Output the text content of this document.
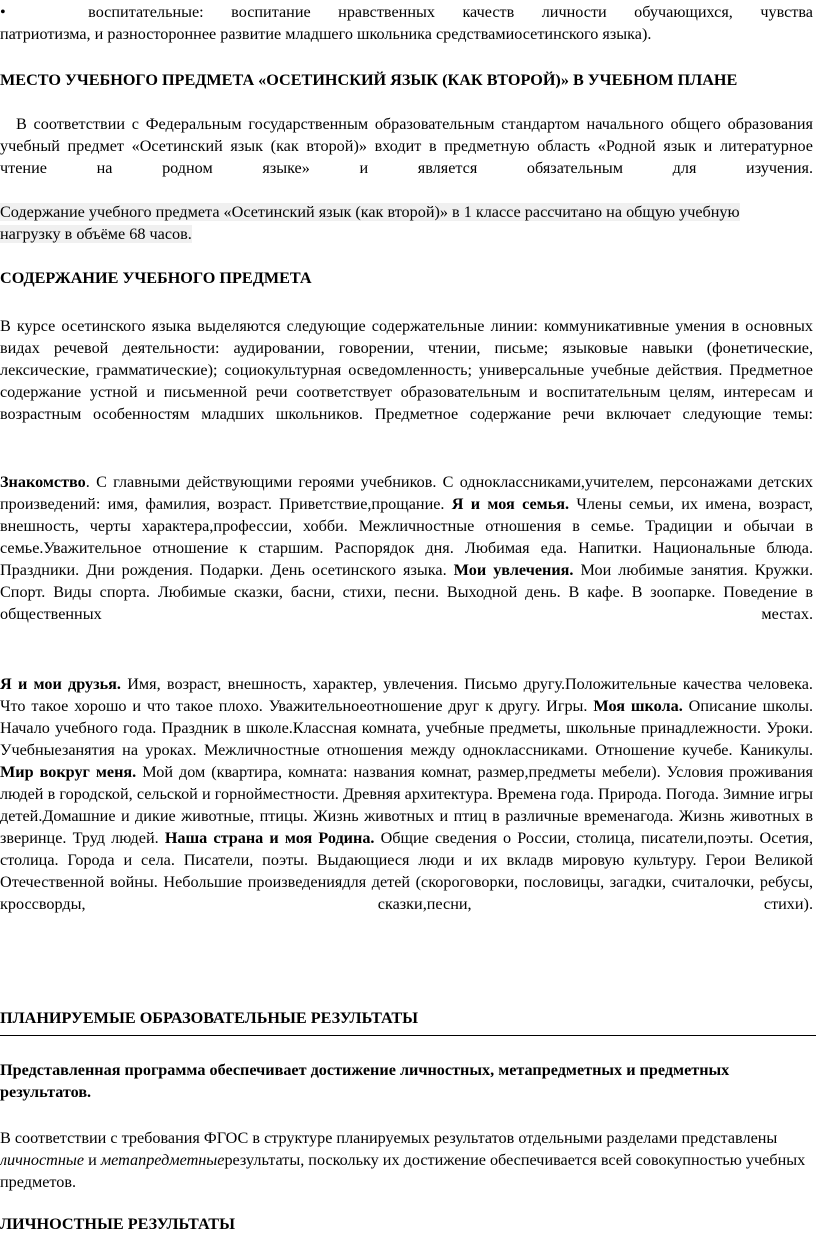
•	воспитательные: воспитание нравственных качеств личности обучающихся, чувства

патриотизма, и разностороннее развитие младшего школьника средствамиосетинского языка).

МЕСТО УЧЕБНОГО ПРЕДМЕТА «ОСЕТИНСКИЙ ЯЗЫК (КАК ВТОРОЙ)» В УЧЕБНОМ ПЛАНЕ

В соответствии с Федеральным государственным образовательным стандартом начального общего образования учебный предмет «Осетинский язык (как второй)» входит в предметную область «Родной язык и литературное чтение на родном языке» и является обязательным для изучения.

Содержание учебного предмета «Осетинский язык (как второй)» в 1 классе рассчитано на общую учебную нагрузку в объёме 68 часов.

СОДЕРЖАНИЕ УЧЕБНОГО ПРЕДМЕТА

В курсе осетинского языка выделяются следующие содержательные линии: коммуникативные умения в основных видах речевой деятельности: аудировании, говорении, чтении, письме; языковые навыки (фонетические, лексические, грамматические); социокультурная осведомленность; универсальные учебные действия. Предметное содержание устной и письменной речи соответствует образовательным и воспитательным целям, интересам и возрастным особенностям младших школьников. Предметное содержание речи включает следующие темы:

Знакомство. С главными действующими героями учебников. С одноклассниками,учителем, персонажами детских произведений: имя, фамилия, возраст. Приветствие,прощание. Я и моя семья. Члены семьи, их имена, возраст, внешность, черты характера,профессии, хобби. Межличностные отношения в семье. Традиции и обычаи в семье.Уважительное отношение к старшим. Распорядок дня. Любимая еда. Напитки. Национальные блюда. Праздники. Дни рождения. Подарки. День осетинского языка. Мои увлечения. Мои любимые занятия. Кружки. Спорт. Виды спорта. Любимые сказки, басни, стихи, песни. Выходной день. В кафе. В зоопарке. Поведение в общественных местах.

Я и мои друзья. Имя, возраст, внешность, характер, увлечения. Письмо другу.Положительные качества человека. Что такое хорошо и что такое плохо. Уважительноеотношение друг к другу. Игры. Моя школа. Описание школы. Начало учебного года. Праздник в школе.Классная комната, учебные предметы, школьные принадлежности. Уроки. Учебныезанятия на уроках. Межличностные отношения между одноклассниками. Отношение кучебе. Каникулы. Мир вокруг меня. Мой дом (квартира, комната: названия комнат, размер,предметы мебели). Условия проживания людей в городской, сельской и горнойместности. Древняя архитектура. Времена года. Природа. Погода. Зимние игры детей.Домашние и дикие животные, птицы. Жизнь животных и птиц в различные временагода. Жизнь животных в зверинце. Труд людей. Наша страна и моя Родина. Общие сведения о России, столица, писатели,поэты. Осетия, столица. Города и села. Писатели, поэты. Выдающиеся люди и их вкладв мировую культуру. Герои Великой Отечественной войны. Небольшие произведениядля детей (скороговорки, пословицы, загадки, считалочки, ребусы, кроссворды, сказки,песни, стихи).

ПЛАНИРУЕМЫЕ ОБРАЗОВАТЕЛЬНЫЕ РЕЗУЛЬТАТЫ

Представленная программа обеспечивает достижение личностных, метапредметных и предметных результатов.

В соответствии с требования ФГОС в структуре планируемых результатов отдельными разделами представлены личностные и метапредметныерезультаты, поскольку их достижение обеспечивается всей совокупностью учебных предметов.

ЛИЧНОСТНЫЕ РЕЗУЛЬТАТЫ
